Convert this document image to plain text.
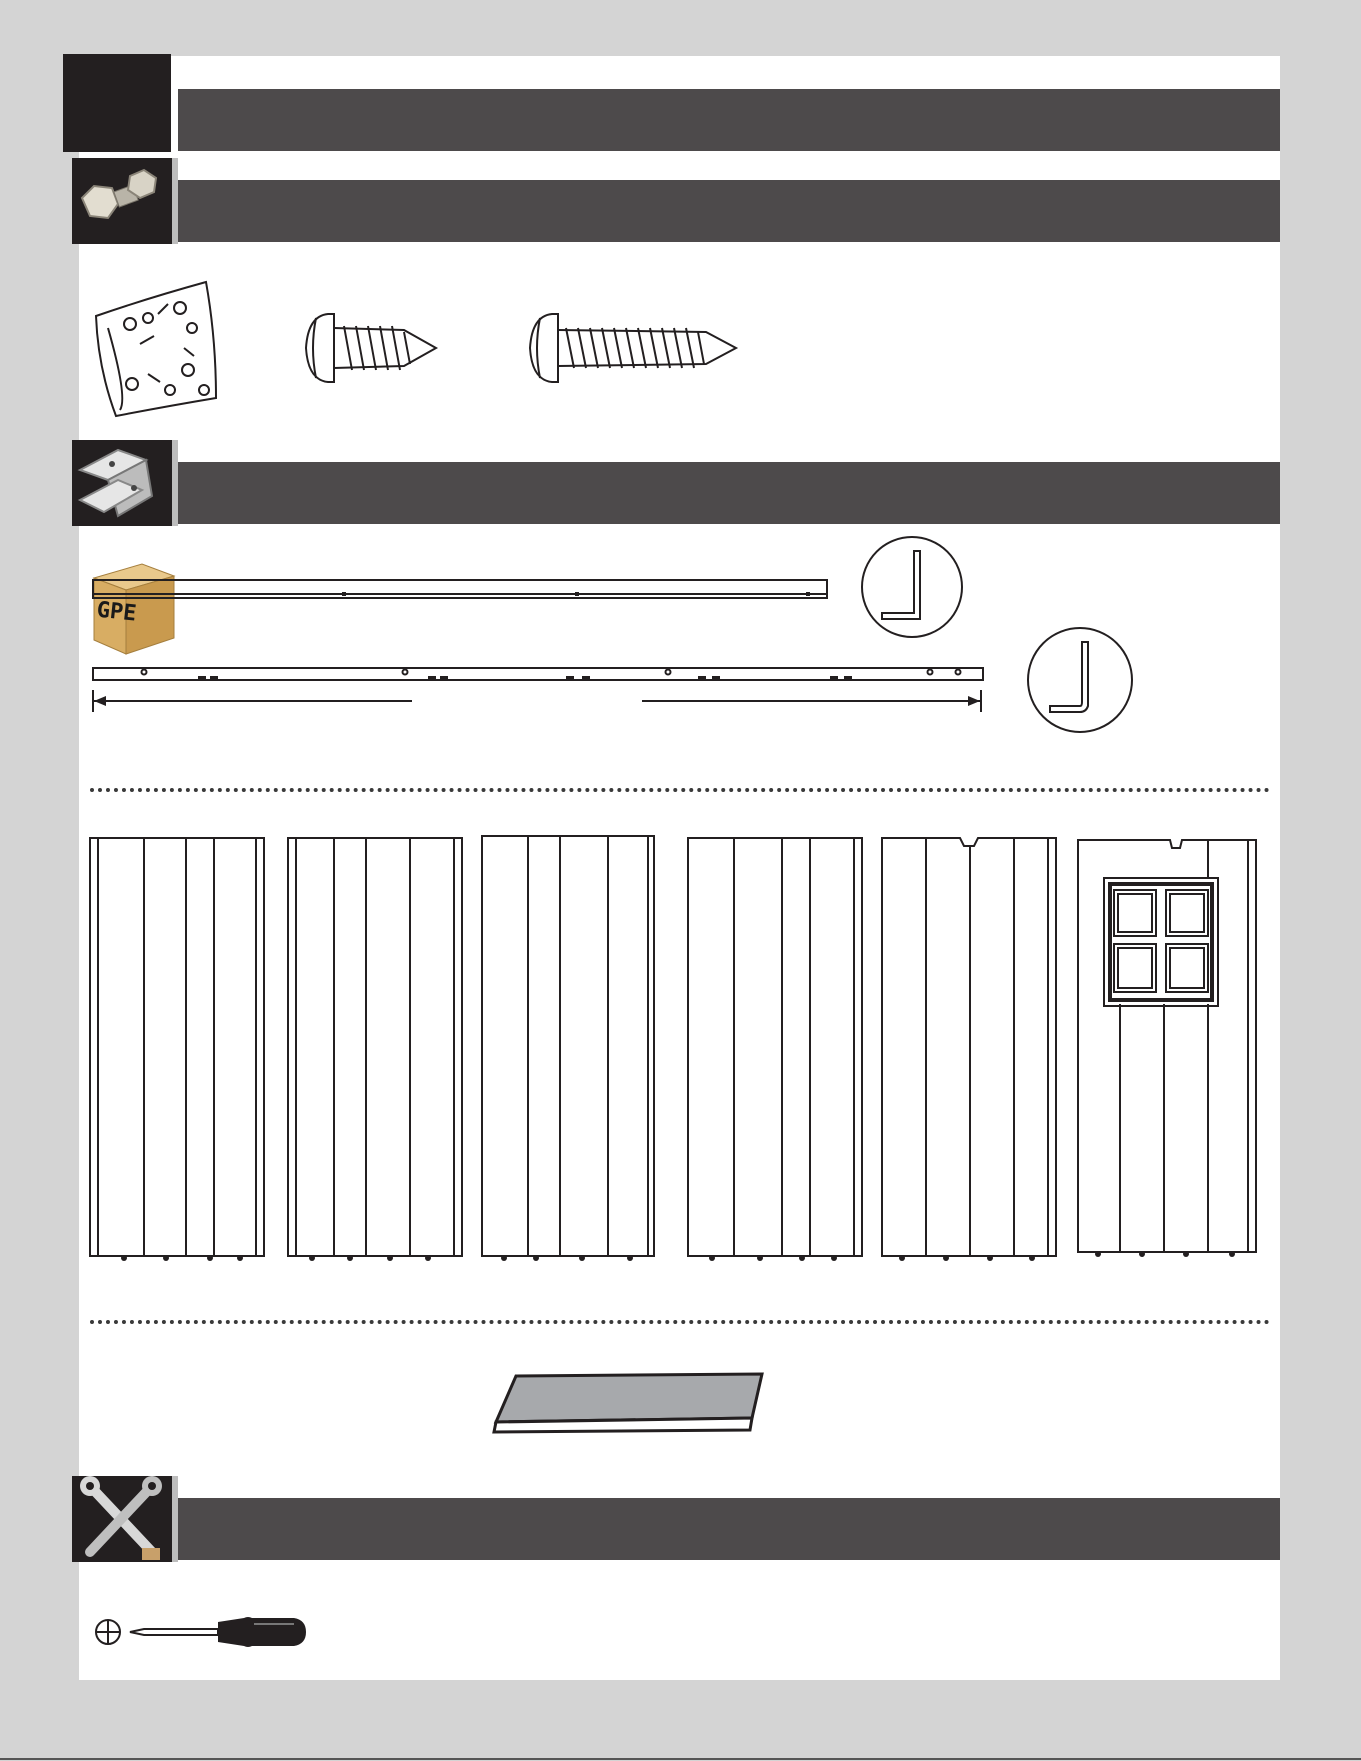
GPE
